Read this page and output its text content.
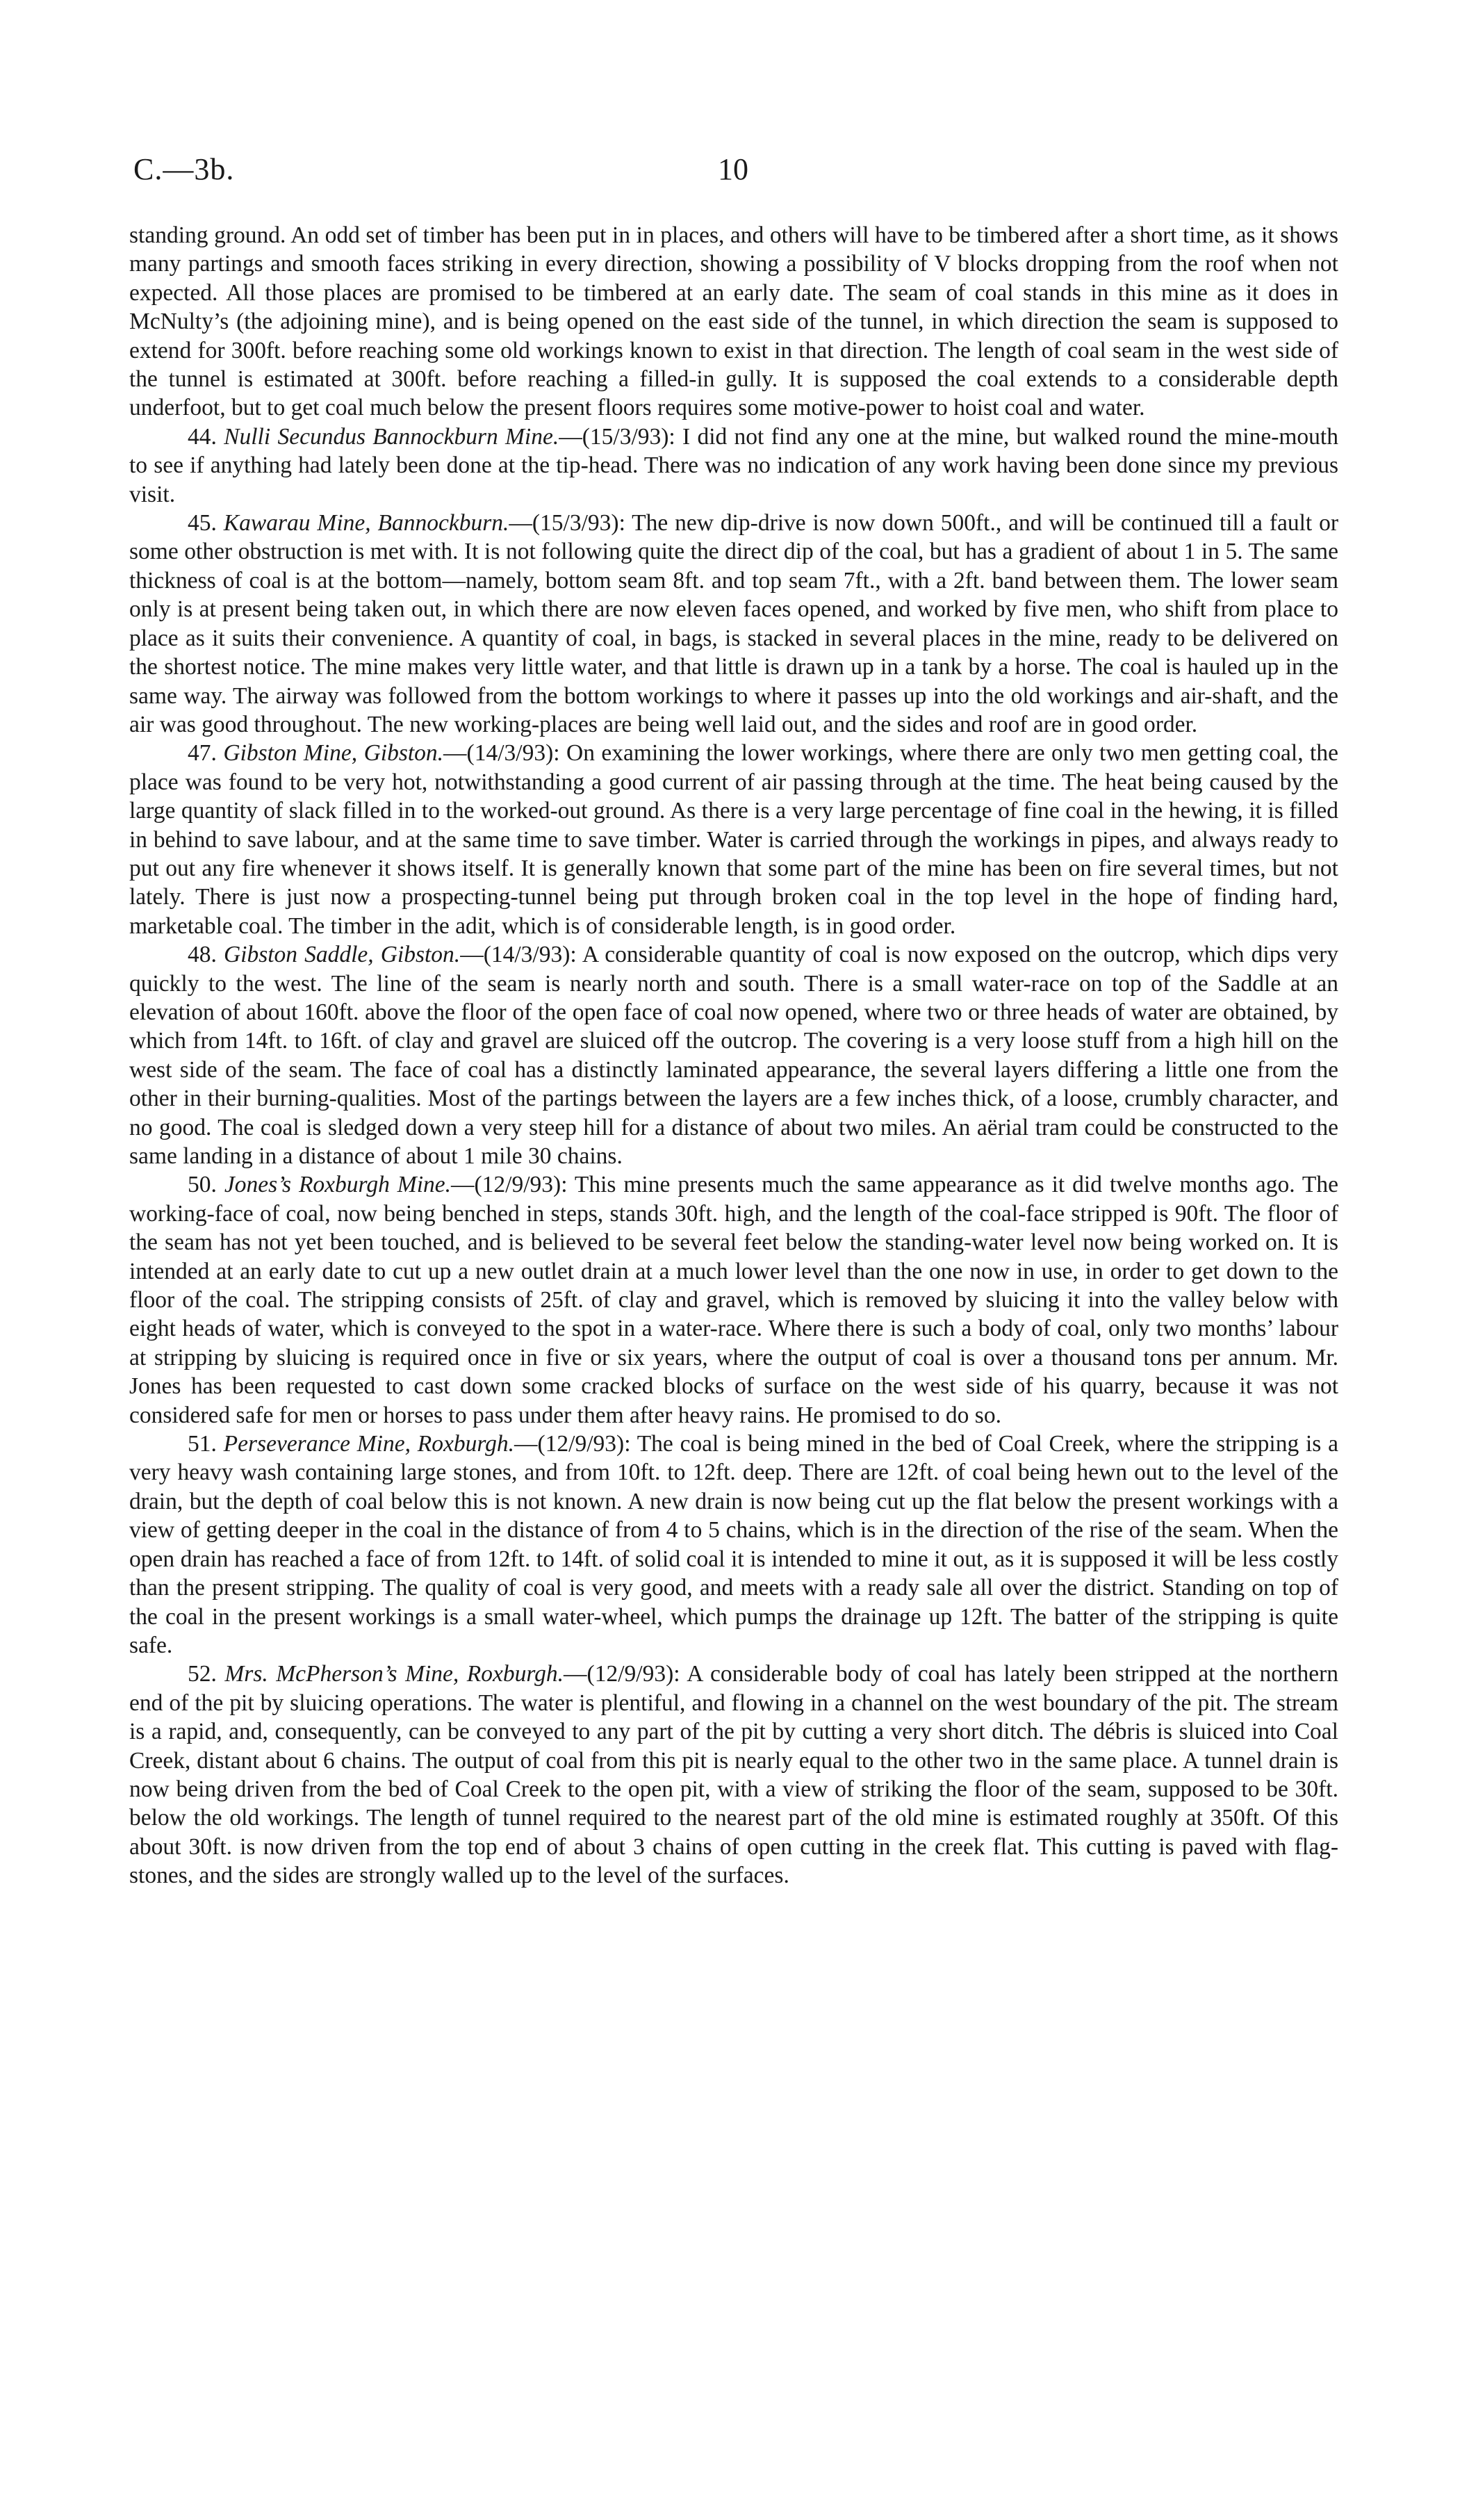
C.—3b.	10

standing ground. An odd set of timber has been put in in places, and others will have to be timbered after a short time, as it shows many partings and smooth faces striking in every direction, showing a possibility of V blocks dropping from the roof when not expected. All those places are promised to be timbered at an early date. The seam of coal stands in this mine as it does in McNulty’s (the adjoining mine), and is being opened on the east side of the tunnel, in which direction the seam is supposed to extend for 300ft. before reaching some old workings known to exist in that direction. The length of coal seam in the west side of the tunnel is estimated at 300ft. before reaching a filled-in gully. It is supposed the coal extends to a considerable depth underfoot, but to get coal much below the present floors requires some motive-power to hoist coal and water.

44. Nulli Secundus Bannockburn Mine.—(15/3/93): I did not find any one at the mine, but walked round the mine-mouth to see if anything had lately been done at the tip-head. There was no indication of any work having been done since my previous visit.

45. Kawarau Mine, Bannockburn.—(15/3/93): The new dip-drive is now down 500ft., and will be continued till a fault or some other obstruction is met with. It is not following quite the direct dip of the coal, but has a gradient of about 1 in 5. The same thickness of coal is at the bottom—namely, bottom seam 8ft. and top seam 7ft., with a 2ft. band between them. The lower seam only is at present being taken out, in which there are now eleven faces opened, and worked by five men, who shift from place to place as it suits their convenience. A quantity of coal, in bags, is stacked in several places in the mine, ready to be delivered on the shortest notice. The mine makes very little water, and that little is drawn up in a tank by a horse. The coal is hauled up in the same way. The airway was followed from the bottom workings to where it passes up into the old workings and air-shaft, and the air was good throughout. The new working-places are being well laid out, and the sides and roof are in good order.

47. Gibston Mine, Gibston.—(14/3/93): On examining the lower workings, where there are only two men getting coal, the place was found to be very hot, notwithstanding a good current of air passing through at the time. The heat being caused by the large quantity of slack filled in to the worked-out ground. As there is a very large percentage of fine coal in the hewing, it is filled in behind to save labour, and at the same time to save timber. Water is carried through the workings in pipes, and always ready to put out any fire whenever it shows itself. It is generally known that some part of the mine has been on fire several times, but not lately. There is just now a prospecting-tunnel being put through broken coal in the top level in the hope of finding hard, marketable coal. The timber in the adit, which is of considerable length, is in good order.

48. Gibston Saddle, Gibston.—(14/3/93): A considerable quantity of coal is now exposed on the outcrop, which dips very quickly to the west. The line of the seam is nearly north and south. There is a small water-race on top of the Saddle at an elevation of about 160ft. above the floor of the open face of coal now opened, where two or three heads of water are obtained, by which from 14ft. to 16ft. of clay and gravel are sluiced off the outcrop. The covering is a very loose stuff from a high hill on the west side of the seam. The face of coal has a distinctly laminated appearance, the several layers differing a little one from the other in their burning-qualities. Most of the partings between the layers are a few inches thick, of a loose, crumbly character, and no good. The coal is sledged down a very steep hill for a distance of about two miles. An aërial tram could be constructed to the same landing in a distance of about 1 mile 30 chains.

50. Jones’s Roxburgh Mine.—(12/9/93): This mine presents much the same appearance as it did twelve months ago. The working-face of coal, now being benched in steps, stands 30ft. high, and the length of the coal-face stripped is 90ft. The floor of the seam has not yet been touched, and is believed to be several feet below the standing-water level now being worked on. It is intended at an early date to cut up a new outlet drain at a much lower level than the one now in use, in order to get down to the floor of the coal. The stripping consists of 25ft. of clay and gravel, which is removed by sluicing it into the valley below with eight heads of water, which is conveyed to the spot in a water-race. Where there is such a body of coal, only two months’ labour at stripping by sluicing is required once in five or six years, where the output of coal is over a thousand tons per annum. Mr. Jones has been requested to cast down some cracked blocks of surface on the west side of his quarry, because it was not considered safe for men or horses to pass under them after heavy rains. He promised to do so.

51. Perseverance Mine, Roxburgh.—(12/9/93): The coal is being mined in the bed of Coal Creek, where the stripping is a very heavy wash containing large stones, and from 10ft. to 12ft. deep. There are 12ft. of coal being hewn out to the level of the drain, but the depth of coal below this is not known. A new drain is now being cut up the flat below the present workings with a view of getting deeper in the coal in the distance of from 4 to 5 chains, which is in the direction of the rise of the seam. When the open drain has reached a face of from 12ft. to 14ft. of solid coal it is intended to mine it out, as it is supposed it will be less costly than the present stripping. The quality of coal is very good, and meets with a ready sale all over the district. Standing on top of the coal in the present workings is a small water-wheel, which pumps the drainage up 12ft. The batter of the stripping is quite safe.

52. Mrs. McPherson’s Mine, Roxburgh.—(12/9/93): A considerable body of coal has lately been stripped at the northern end of the pit by sluicing operations. The water is plentiful, and flowing in a channel on the west boundary of the pit. The stream is a rapid, and, consequently, can be conveyed to any part of the pit by cutting a very short ditch. The débris is sluiced into Coal Creek, distant about 6 chains. The output of coal from this pit is nearly equal to the other two in the same place. A tunnel drain is now being driven from the bed of Coal Creek to the open pit, with a view of striking the floor of the seam, supposed to be 30ft. below the old workings. The length of tunnel required to the nearest part of the old mine is estimated roughly at 350ft. Of this about 30ft. is now driven from the top end of about 3 chains of open cutting in the creek flat. This cutting is paved with flag-stones, and the sides are strongly walled up to the level of the surfaces.
